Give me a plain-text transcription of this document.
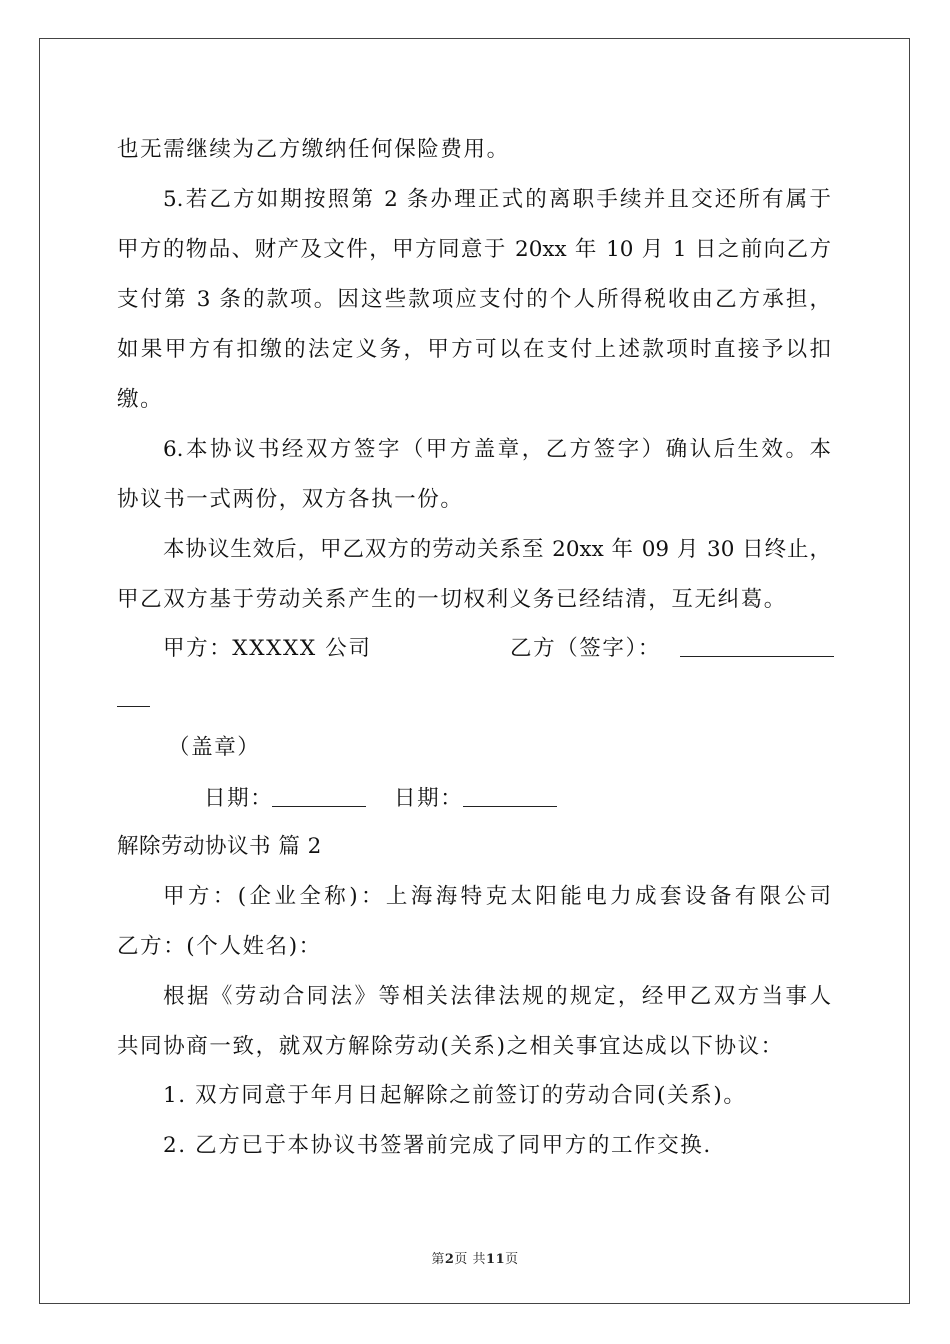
也无需继续为乙方缴纳任何保险费用。
5.若乙方如期按照第 2 条办理正式的离职手续并且交还所有属于
甲方的物品、财产及文件，甲方同意于 20xx 年 10 月 1 日之前向乙方
支付第 3 条的款项。因这些款项应支付的个人所得税收由乙方承担，
如果甲方有扣缴的法定义务，甲方可以在支付上述款项时直接予以扣
缴。
6.本协议书经双方签字（甲方盖章，乙方签字）确认后生效。本
协议书一式两份，双方各执一份。
本协议生效后，甲乙双方的劳动关系至 20xx 年 09 月 30 日终止，
甲乙双方基于劳动关系产生的一切权利义务已经结清，互无纠葛。
甲方：XXXXX 公司	乙方（签字）：
（盖章）
日期：	日期：
解除劳动协议书 篇 2
甲方：(企业全称)：上海海特克太阳能电力成套设备有限公司
乙方：(个人姓名)：
根据《劳动合同法》等相关法律法规的规定，经甲乙双方当事人
共同协商一致，就双方解除劳动(关系)之相关事宜达成以下协议：
1. 双方同意于年月日起解除之前签订的劳动合同(关系)。
2. 乙方已于本协议书签署前完成了同甲方的工作交换.
第2页 共11页
